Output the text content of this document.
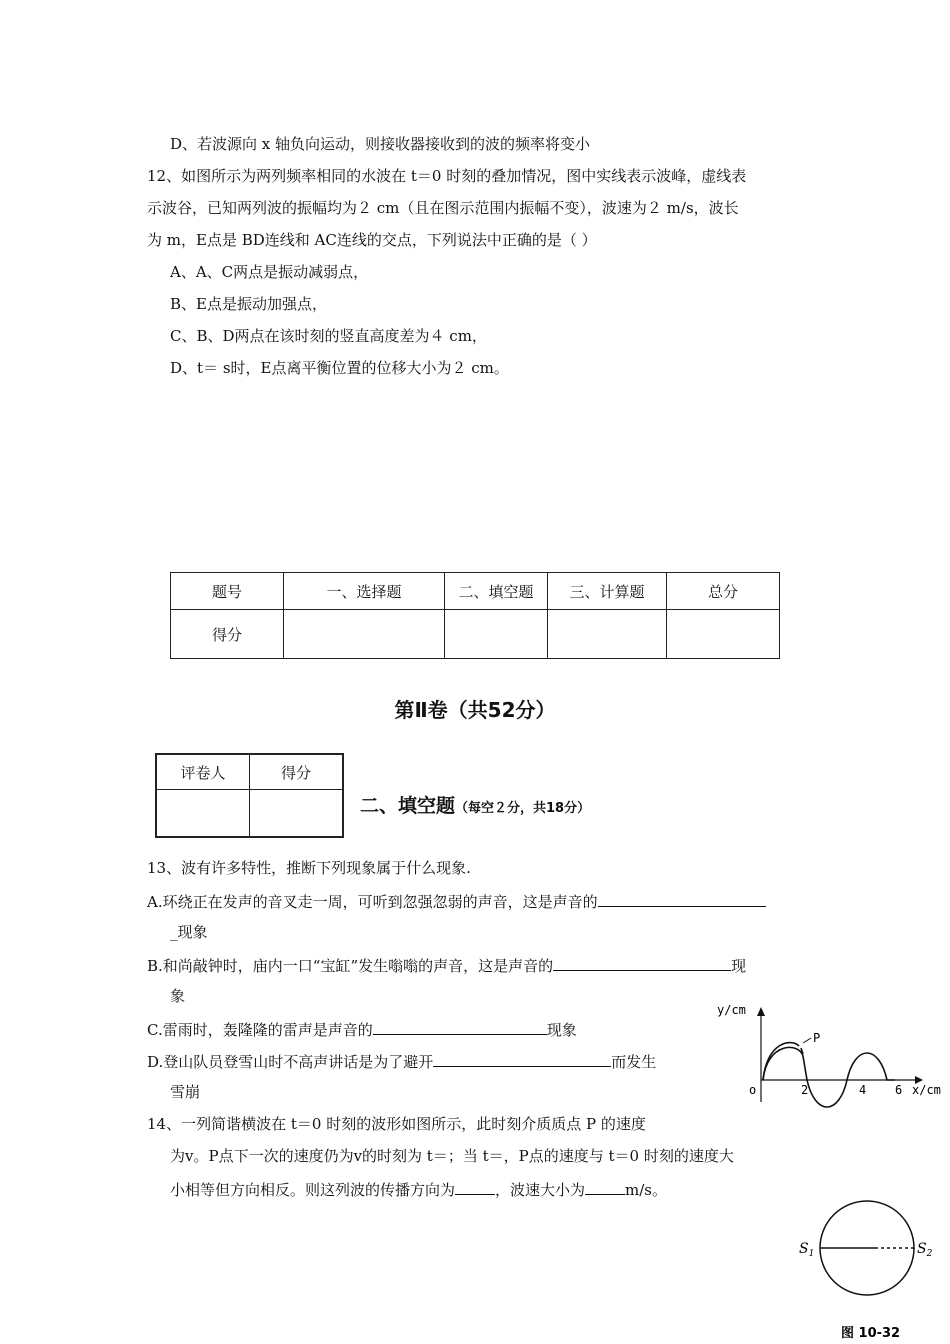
D、若波源向 x 轴负向运动，则接收器接收到的波的频率将变小
12、如图所示为两列频率相同的水波在 t＝0 时刻的叠加情况，图中实线表示波峰，虚线表
示波谷，已知两列波的振幅均为２ cm（且在图示范围内振幅不变），波速为２ m/s，波长
为 m，E点是 BD连线和 AC连线的交点，下列说法中正确的是（ ）
A、A、C两点是振动减弱点，
B、E点是振动加强点，
C、B、D两点在该时刻的竖直高度差为４ cm，
D、t＝ s时，E点离平衡位置的位移大小为２ cm。
题号	一、选择题	二、填空题	三、计算题	总分
得分				
第Ⅱ卷（共52分）
评卷人	得分

二、填空题（每空２分，共18分）
13、波有许多特性，推断下列现象属于什么现象.
A.环绕正在发声的音叉走一周，可听到忽强忽弱的声音，这是声音的
_现象
B.和尚敲钟时，庙内一口“宝缸”发生嗡嗡的声音，这是声音的	现
象
C.雷雨时，轰隆隆的雷声是声音的	现象
D.登山队员登雪山时不高声讲话是为了避开	而发生
雪崩
14、一列简谐横波在 t＝0 时刻的波形如图所示，此时刻介质质点 P 的速度
为v。P点下一次的速度仍为v的时刻为 t＝；当 t＝，P点的速度与 t＝0 时刻的速度大
小相等但方向相反。则这列波的传播方向为	，波速大小为	m/s。
P
y/cm
x/cm
o	2	4 6
$S_1$	$S_2$
图 10-32
